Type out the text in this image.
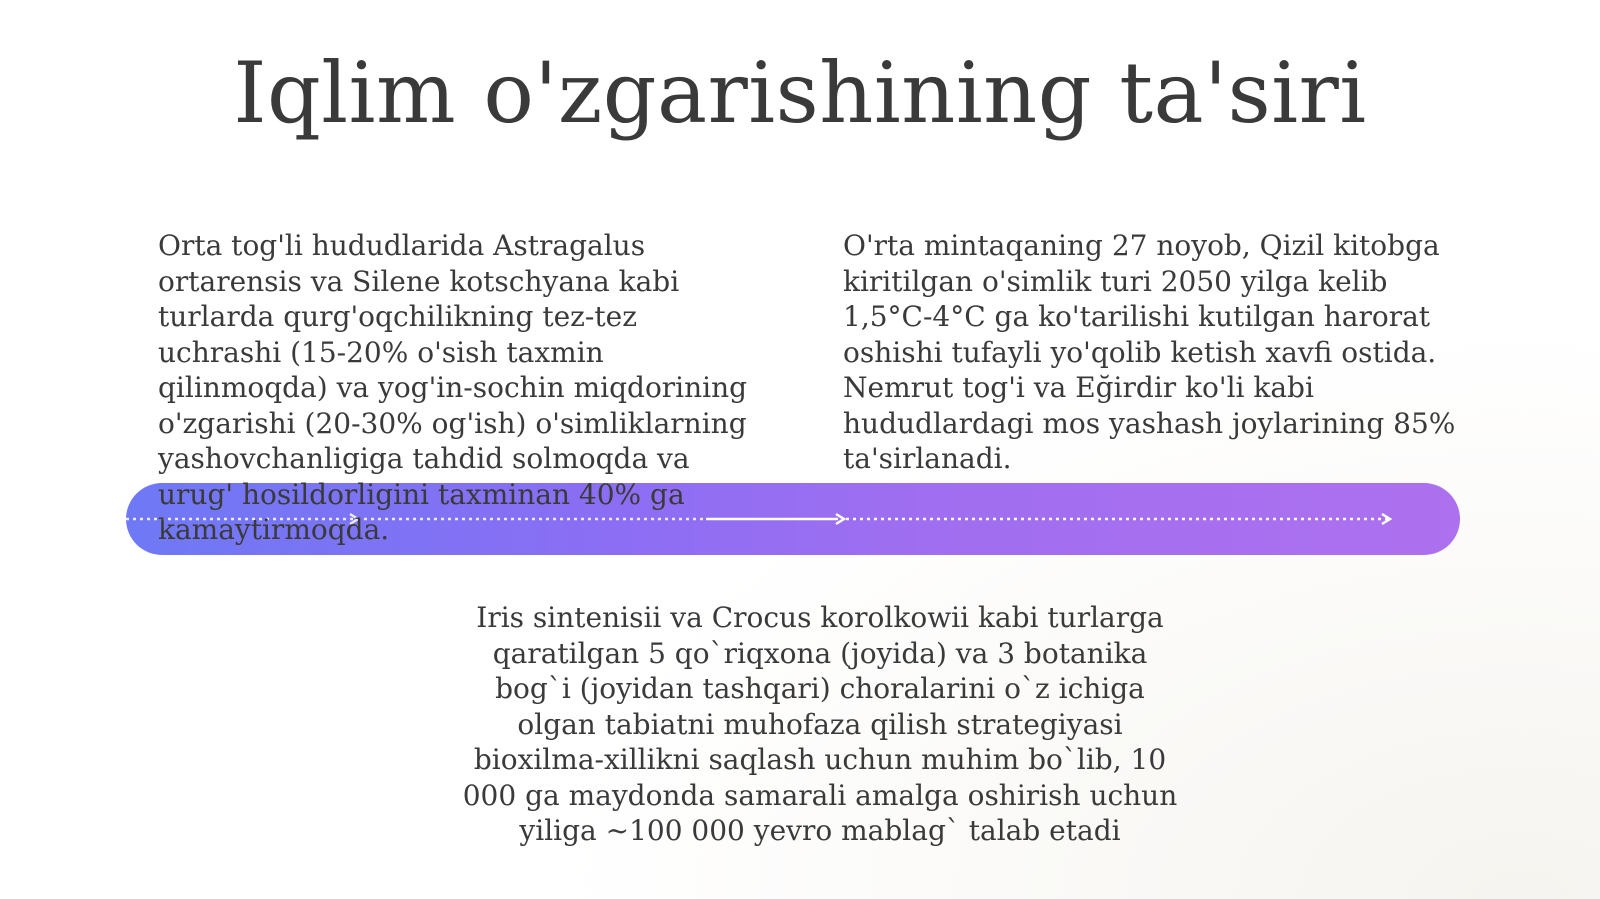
Iqlim o'zgarishining ta'siri

Orta tog'li hududlarida Astragalus ortarensis va Silene kotschyana kabi turlarda qurg'oqchilikning tez-tez uchrashi (15-20% o'sish taxmin qilinmoqda) va yog'in-sochin miqdorining o'zgarishi (20-30% og'ish) o'simliklarning yashovchanligiga tahdid solmoqda va urug' hosildorligini taxminan 40% ga kamaytirmoqda.

O'rta mintaqaning 27 noyob, Qizil kitobga kiritilgan o'simlik turi 2050 yilga kelib 1,5°C-4°C ga ko'tarilishi kutilgan harorat oshishi tufayli yo'qolib ketish xavfi ostida. Nemrut tog'i va Eğirdir ko'li kabi hududlardagi mos yashash joylarining 85% ta'sirlanadi.

Iris sintenisii va Crocus korolkowii kabi turlarga qaratilgan 5 qo`riqxona (joyida) va 3 botanika bog`i (joyidan tashqari) choralarini o`z ichiga olgan tabiatni muhofaza qilish strategiyasi bioxilma-xillikni saqlash uchun muhim bo`lib, 10 000 ga maydonda samarali amalga oshirish uchun yiliga ~100 000 yevro mablag` talab etadi
